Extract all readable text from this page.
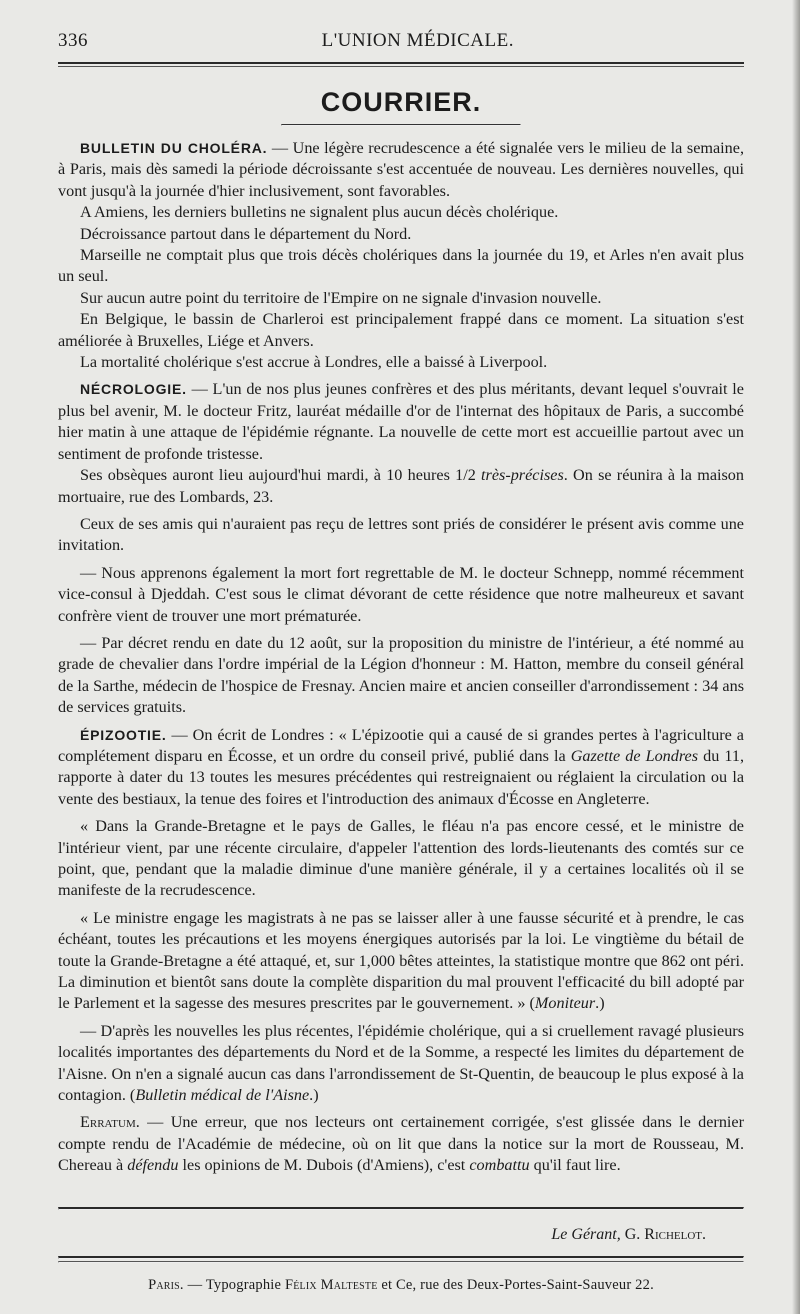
336	L'UNION MÉDICALE.
COURRIER.

BULLETIN DU CHOLÉRA. — Une légère recrudescence a été signalée vers le milieu de la semaine, à Paris, mais dès samedi la période décroissante s'est accentuée de nouveau. Les dernières nouvelles, qui vont jusqu'à la journée d'hier inclusivement, sont favorables.

A Amiens, les derniers bulletins ne signalent plus aucun décès cholérique.

Décroissance partout dans le département du Nord.

Marseille ne comptait plus que trois décès cholériques dans la journée du 19, et Arles n'en avait plus un seul.

Sur aucun autre point du territoire de l'Empire on ne signale d'invasion nouvelle.

En Belgique, le bassin de Charleroi est principalement frappé dans ce moment. La situation s'est améliorée à Bruxelles, Liége et Anvers.

La mortalité cholérique s'est accrue à Londres, elle a baissé à Liverpool.

NÉCROLOGIE. — L'un de nos plus jeunes confrères et des plus méritants, devant lequel s'ouvrait le plus bel avenir, M. le docteur Fritz, lauréat médaille d'or de l'internat des hôpitaux de Paris, a succombé hier matin à une attaque de l'épidémie régnante. La nouvelle de cette mort est accueillie partout avec un sentiment de profonde tristesse.

Ses obsèques auront lieu aujourd'hui mardi, à 10 heures 1/2 très-précises. On se réunira à la maison mortuaire, rue des Lombards, 23.

Ceux de ses amis qui n'auraient pas reçu de lettres sont priés de considérer le présent avis comme une invitation.

— Nous apprenons également la mort fort regrettable de M. le docteur Schnepp, nommé récemment vice-consul à Djeddah. C'est sous le climat dévorant de cette résidence que notre malheureux et savant confrère vient de trouver une mort prématurée.

— Par décret rendu en date du 12 août, sur la proposition du ministre de l'intérieur, a été nommé au grade de chevalier dans l'ordre impérial de la Légion d'honneur : M. Hatton, membre du conseil général de la Sarthe, médecin de l'hospice de Fresnay. Ancien maire et ancien conseiller d'arrondissement : 34 ans de services gratuits.

ÉPIZOOTIE. — On écrit de Londres : « L'épizootie qui a causé de si grandes pertes à l'agriculture a complétement disparu en Écosse, et un ordre du conseil privé, publié dans la Gazette de Londres du 11, rapporte à dater du 13 toutes les mesures précédentes qui restreignaient ou réglaient la circulation ou la vente des bestiaux, la tenue des foires et l'introduction des animaux d'Écosse en Angleterre.

« Dans la Grande-Bretagne et le pays de Galles, le fléau n'a pas encore cessé, et le ministre de l'intérieur vient, par une récente circulaire, d'appeler l'attention des lords-lieutenants des comtés sur ce point, que, pendant que la maladie diminue d'une manière générale, il y a certaines localités où il se manifeste de la recrudescence.

« Le ministre engage les magistrats à ne pas se laisser aller à une fausse sécurité et à prendre, le cas échéant, toutes les précautions et les moyens énergiques autorisés par la loi. Le vingtième du bétail de toute la Grande-Bretagne a été attaqué, et, sur 1,000 bêtes atteintes, la statistique montre que 862 ont péri. La diminution et bientôt sans doute la complète disparition du mal prouvent l'efficacité du bill adopté par le Parlement et la sagesse des mesures prescrites par le gouvernement. » (Moniteur.)

— D'après les nouvelles les plus récentes, l'épidémie cholérique, qui a si cruellement ravagé plusieurs localités importantes des départements du Nord et de la Somme, a respecté les limites du département de l'Aisne. On n'en a signalé aucun cas dans l'arrondissement de St-Quentin, de beaucoup le plus exposé à la contagion. (Bulletin médical de l'Aisne.)

Erratum. — Une erreur, que nos lecteurs ont certainement corrigée, s'est glissée dans le dernier compte rendu de l'Académie de médecine, où on lit que dans la notice sur la mort de Rousseau, M. Chereau à défendu les opinions de M. Dubois (d'Amiens), c'est combattu qu'il faut lire.

Le Gérant, G. Richelot.
Paris. — Typographie Félix Malteste et Ce, rue des Deux-Portes-Saint-Sauveur 22.
